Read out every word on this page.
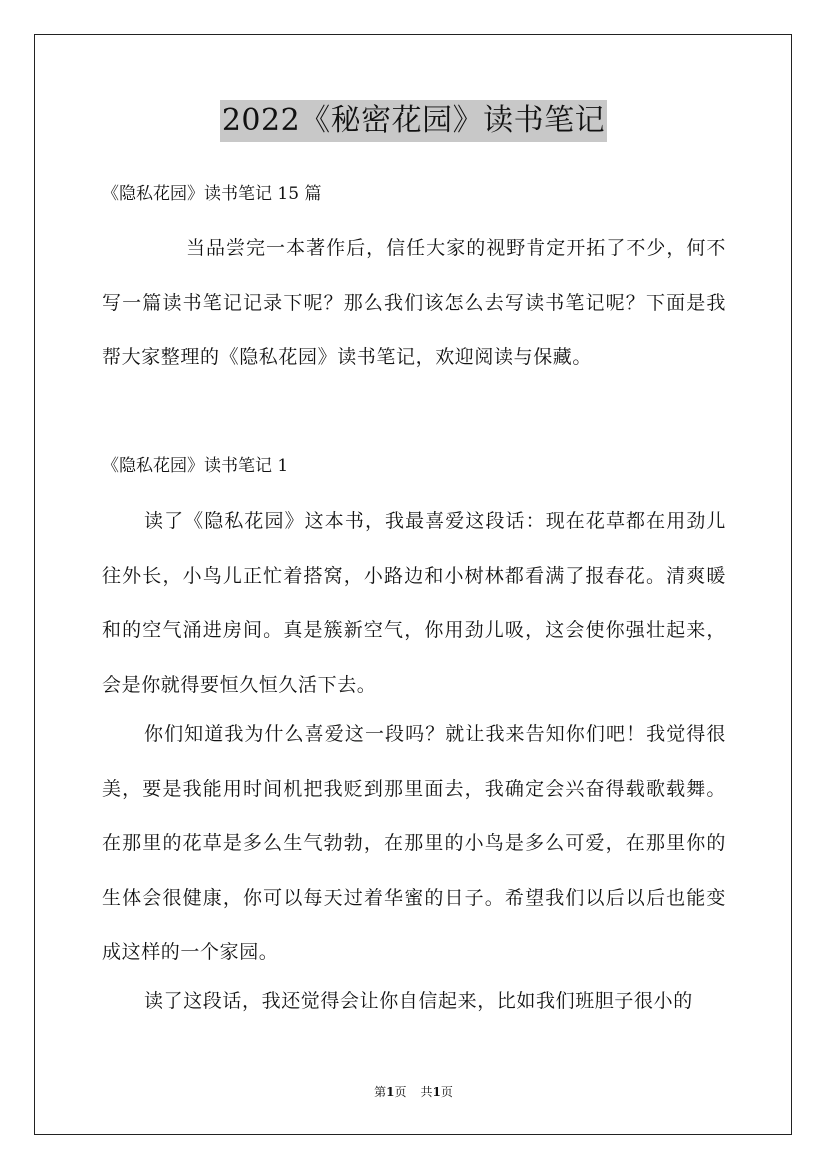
2022《秘密花园》读书笔记
《隐私花园》读书笔记 15 篇

当品尝完一本著作后，信任大家的视野肯定开拓了不少，何不写一篇读书笔记记录下呢？那么我们该怎么去写读书笔记呢？下面是我帮大家整理的《隐私花园》读书笔记，欢迎阅读与保藏。

《隐私花园》读书笔记 1

读了《隐私花园》这本书，我最喜爱这段话：现在花草都在用劲儿往外长，小鸟儿正忙着搭窝，小路边和小树林都看满了报春花。清爽暖和的空气涌进房间。真是簇新空气，你用劲儿吸，这会使你强壮起来，会是你就得要恒久恒久活下去。

你们知道我为什么喜爱这一段吗？就让我来告知你们吧！我觉得很美，要是我能用时间机把我贬到那里面去，我确定会兴奋得载歌载舞。在那里的花草是多么生气勃勃，在那里的小鸟是多么可爱，在那里你的生体会很健康，你可以每天过着华蜜的日子。希望我们以后以后也能变成这样的一个家园。

读了这段话，我还觉得会让你自信起来，比如我们班胆子很小的

第1页 共1页
